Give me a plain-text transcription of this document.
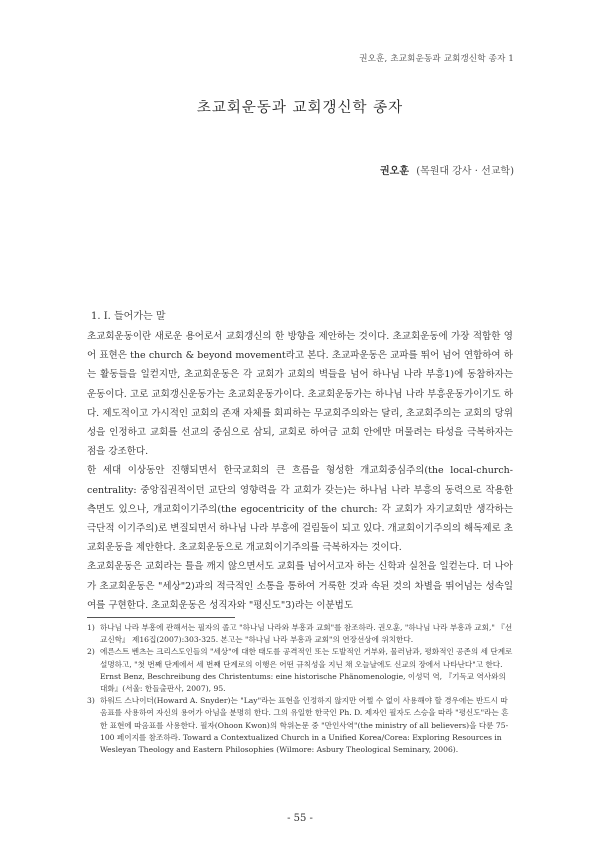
권오훈, 초교회운동과 교회갱신학 종자 1
초교회운동과 교회갱신학 종자
권오훈 (목원대 강사 · 선교학)
1. I. 들어가는 말

초교회운동이란 새로운 용어로서 교회갱신의 한 방향을 제안하는 것이다. 초교회운동에 가장 적합한 영어 표현은 the church & beyond movement라고 본다. 초교파운동은 교파를 뛰어 넘어 연합하여 하는 활동들을 일컫지만, 초교회운동은 각 교회가 교회의 벽들을 넘어 하나님 나라 부흥1)에 동참하자는 운동이다. 고로 교회갱신운동가는 초교회운동가이다. 초교회운동가는 하나님 나라 부흥운동가이기도 하다. 제도적이고 가시적인 교회의 존재 자체를 회피하는 무교회주의와는 달리, 초교회주의는 교회의 당위성을 인정하고 교회를 선교의 중심으로 삼되, 교회로 하여금 교회 안에만 머물려는 타성을 극복하자는 점을 강조한다.

한 세대 이상동안 진행되면서 한국교회의 큰 흐름을 형성한 개교회중심주의(the local-church-centrality: 중앙집권적이던 교단의 영향력을 각 교회가 갖는)는 하나님 나라 부흥의 동력으로 작용한 측면도 있으나, 개교회이기주의(the egocentricity of the church: 각 교회가 자기교회만 생각하는 극단적 이기주의)로 변질되면서 하나님 나라 부흥에 걸림돌이 되고 있다. 개교회이기주의의 해독제로 초교회운동을 제안한다. 초교회운동으로 개교회이기주의를 극복하자는 것이다.

초교회운동은 교회라는 틀을 깨지 않으면서도 교회를 넘어서고자 하는 신학과 실천을 일컫는다. 더 나아가 초교회운동은 "세상"2)과의 적극적인 소통을 통하여 거룩한 것과 속된 것의 차별을 뛰어넘는 성속일여를 구현한다. 초교회운동은 성직자와 "평신도"3)라는 이분법도

1) 하나님 나라 부흥에 관해서는 필자의 졸고 "하나님 나라와 부흥과 교회"를 참조하라. 권오훈, "하나님 나라 부흥과 교회," 『선교신학』 제16집(2007):303-325. 본고는 "하나님 나라 부흥과 교회"의 연장선상에 위치한다.
2) 에른스트 벤츠는 크리스도인들의 "세상"에 대한 태도를 공격적인 또는 도발적인 거부와, 물러남과, 평화적인 공존의 세 단계로 설명하고, "첫 번째 단계에서 세 번째 단계로의 이행은 어떤 규칙성을 지닌 채 오늘날에도 신교의 장에서 나타난다"고 한다. Ernst Benz, Beschreibung des Christentums: eine historische Phänomenologie, 이성덕 역, 『기독교 역사와의 대화』(서울: 한들출판사, 2007), 95.
3) 하워드 스나이더(Howard A. Snyder)는 "Lay"라는 표현을 인정하지 않지만 어쩔 수 없이 사용해야 할 경우에는 반드시 따옴표를 사용하여 자신의 용어가 아님을 분명히 한다. 그의 유일한 한국인 Ph. D. 제자인 필자도 스승을 따라 "평신도"라는 흔한 표현에 따옴표를 사용한다. 필자(Ohoon Kwon)의 학위논문 중 "만인사역"(the ministry of all believers)을 다룬 75-100 페이지를 참조하라. Toward a Contextualized Church in a Unified Korea/Corea: Exploring Resources in Wesleyan Theology and Eastern Philosophies (Wilmore: Asbury Theological Seminary, 2006).
- 55 -
